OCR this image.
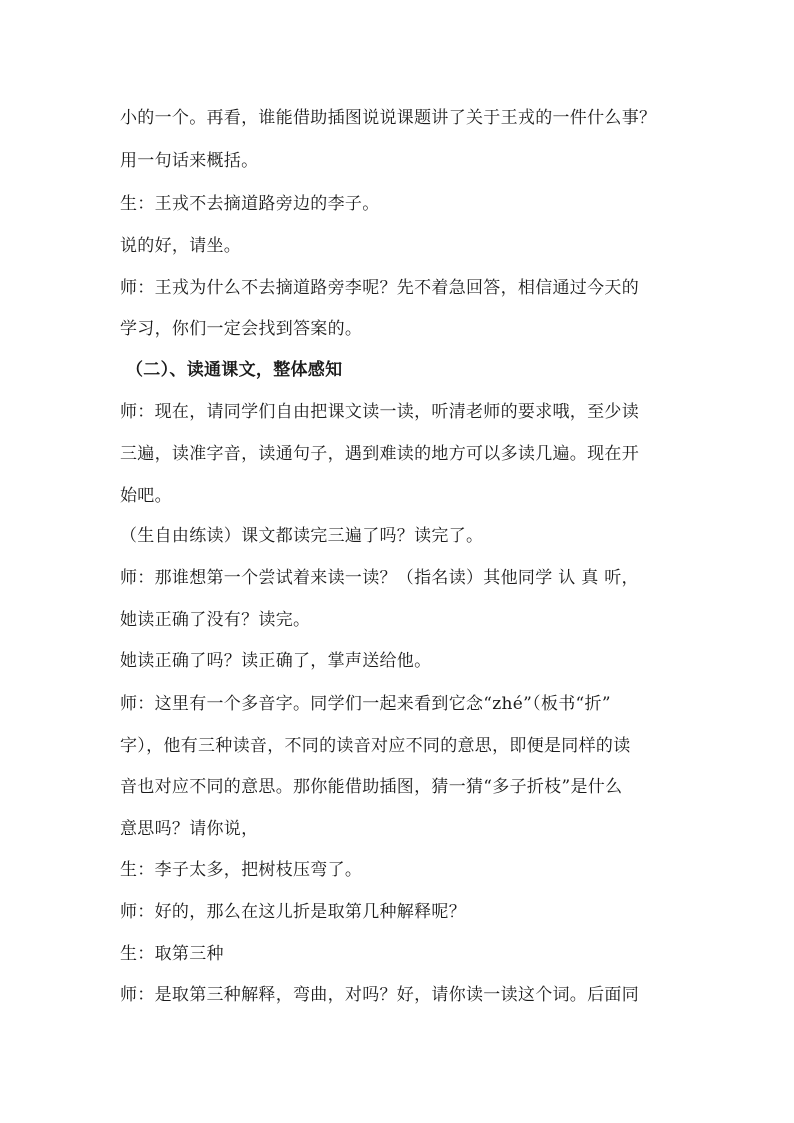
小的一个。再看，谁能借助插图说说课题讲了关于王戎的一件什么事？
用一句话来概括。
生：王戎不去摘道路旁边的李子。
说的好，请坐。
师：王戎为什么不去摘道路旁李呢？先不着急回答，相信通过今天的
学习，你们一定会找到答案的。
（二）、读通课文，整体感知
师：现在，请同学们自由把课文读一读，听清老师的要求哦，至少读
三遍，读准字音，读通句子，遇到难读的地方可以多读几遍。现在开
始吧。
（生自由练读）课文都读完三遍了吗？读完了。
师：那谁想第一个尝试着来读一读？（指名读）其他同学 认 真 听，
她读正确了没有？读完。
她读正确了吗？读正确了，掌声送给他。
师：这里有一个多音字。同学们一起来看到它念“zhé”（板书“折”
字），他有三种读音，不同的读音对应不同的意思，即便是同样的读
音也对应不同的意思。那你能借助插图，猜一猜“多子折枝”是什么
意思吗？请你说，
生：李子太多，把树枝压弯了。
师：好的，那么在这儿折是取第几种解释呢？
生：取第三种
师：是取第三种解释，弯曲，对吗？好，请你读一读这个词。后面同
